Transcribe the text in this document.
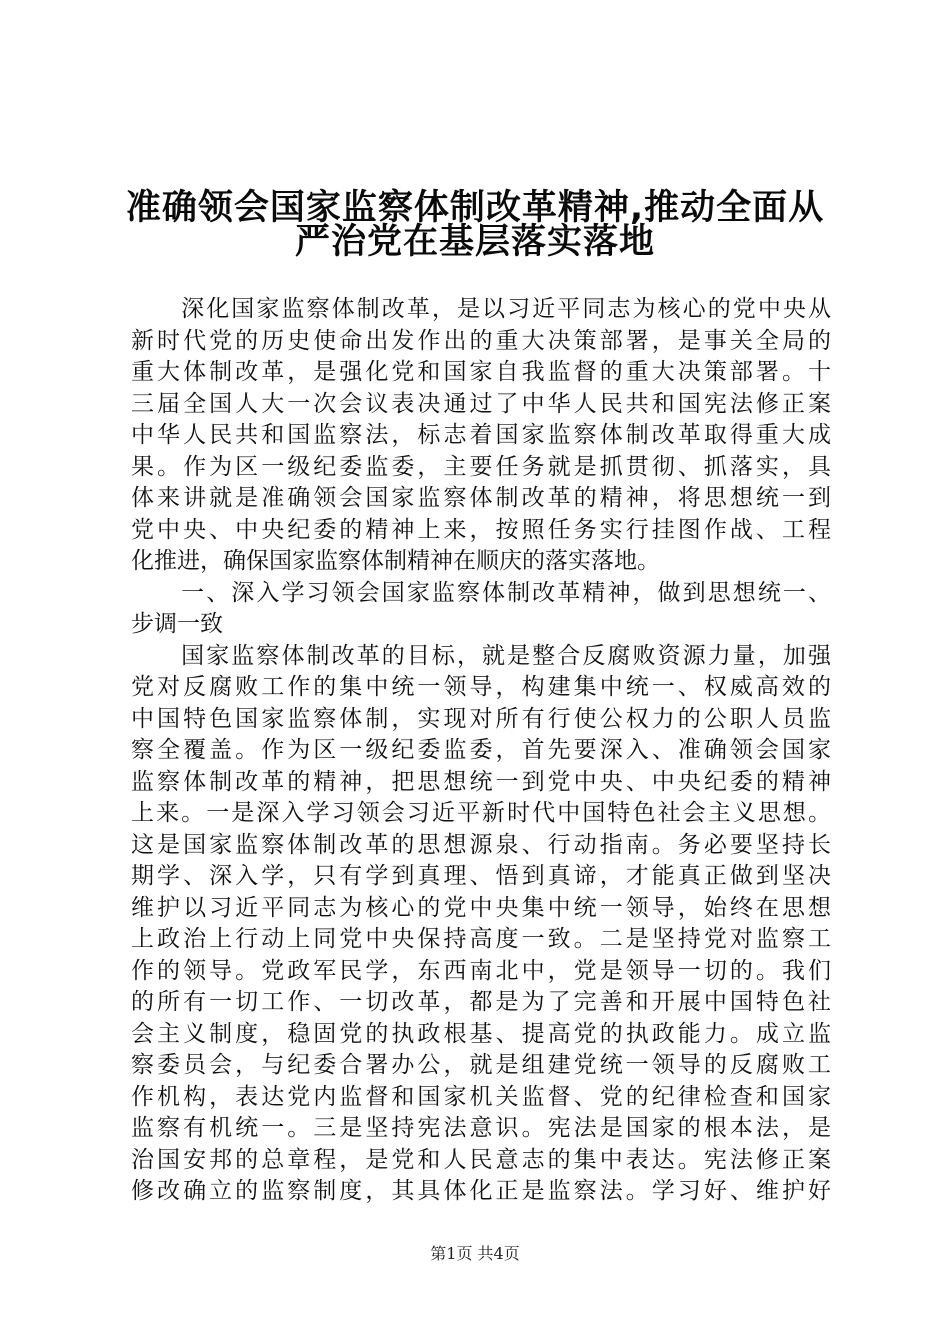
准确领会国家监察体制改革精神,推动全面从
严治党在基层落实落地
　　深化国家监察体制改革，是以习近平同志为核心的党中央从
新时代党的历史使命出发作出的重大决策部署，是事关全局的
重大体制改革，是强化党和国家自我监督的重大决策部署。十
三届全国人大一次会议表决通过了中华人民共和国宪法修正案
中华人民共和国监察法，标志着国家监察体制改革取得重大成
果。作为区一级纪委监委，主要任务就是抓贯彻、抓落实，具
体来讲就是准确领会国家监察体制改革的精神，将思想统一到
党中央、中央纪委的精神上来，按照任务实行挂图作战、工程
化推进，确保国家监察体制精神在顺庆的落实落地。
　　一、深入学习领会国家监察体制改革精神，做到思想统一、
步调一致
　　国家监察体制改革的目标，就是整合反腐败资源力量，加强
党对反腐败工作的集中统一领导，构建集中统一、权威高效的
中国特色国家监察体制，实现对所有行使公权力的公职人员监
察全覆盖。作为区一级纪委监委，首先要深入、准确领会国家
监察体制改革的精神，把思想统一到党中央、中央纪委的精神
上来。一是深入学习领会习近平新时代中国特色社会主义思想。
这是国家监察体制改革的思想源泉、行动指南。务必要坚持长
期学、深入学，只有学到真理、悟到真谛，才能真正做到坚决
维护以习近平同志为核心的党中央集中统一领导，始终在思想
上政治上行动上同党中央保持高度一致。二是坚持党对监察工
作的领导。党政军民学，东西南北中，党是领导一切的。我们
的所有一切工作、一切改革，都是为了完善和开展中国特色社
会主义制度，稳固党的执政根基、提高党的执政能力。成立监
察委员会，与纪委合署办公，就是组建党统一领导的反腐败工
作机构，表达党内监督和国家机关监督、党的纪律检查和国家
监察有机统一。三是坚持宪法意识。宪法是国家的根本法，是
治国安邦的总章程，是党和人民意志的集中表达。宪法修正案
修改确立的监察制度，其具体化正是监察法。学习好、维护好
第1页 共4页
